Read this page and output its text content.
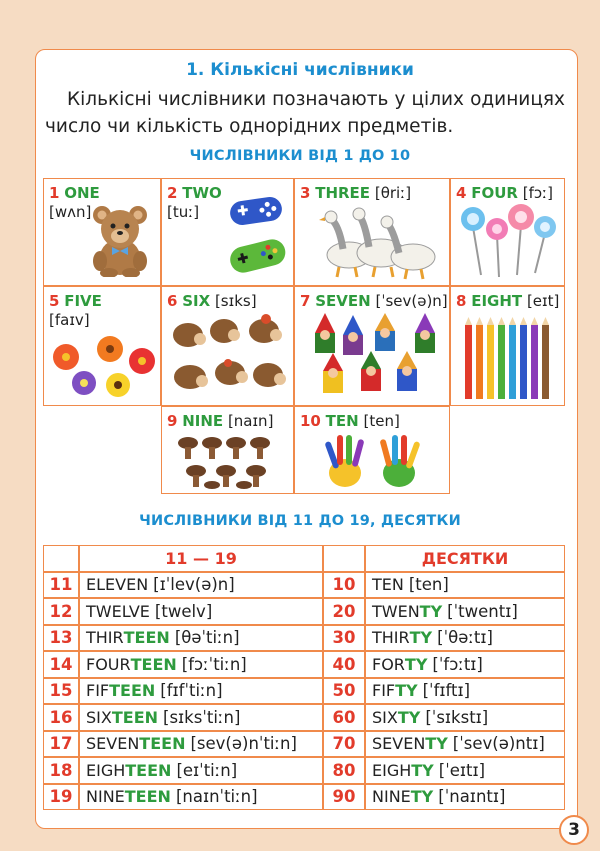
1. Кількісні числівники
Кількісні числівники позначають у цілих одиницях число чи кількість однорідних предметів.
ЧИСЛІВНИКИ ВІД 1 ДО 10
1 ONE
[wʌn]
2 TWO
[tuː]
3 THREE [θriː]	4 FOUR [fɔː]
5 FIVE
[faɪv]
6 SIX [sɪks]	7 SEVEN [ˈsev(ə)n] 8 EIGHT [eɪt]
9 NINE [naɪn] 10 TEN [ten]
ЧИСЛІВНИКИ ВІД 11 ДО 19, ДЕСЯТКИ
11 — 19	ДЕСЯТКИ
11 ELEVEN [ɪˈlev(ə)n]	10	TEN [ten]
12 TWELVE [twelv]	20	TWEN TY [ˈtwentɪ]
13 THIR TEEN [θəˈtiːn]	30	THIR TY [ˈθəːtɪ]
14 FOUR TEEN [fɔːˈtiːn]	40	FOR TY [ˈfɔːtɪ]
15 FIF TEEN [fɪfˈtiːn]	50	FIF TY [ˈfɪftɪ]
16 SIX TEEN [sɪksˈtiːn]	60	SIX TY [ˈsɪkstɪ]
17 SEVEN TEEN [sev(ə)nˈtiːn]	70	SEVEN TY [ˈsev(ə)ntɪ]
18 EIGH TEEN [eɪˈtiːn]	80	EIGH TY [ˈeɪtɪ]
19 NINE TEEN [naɪnˈtiːn]	90	NINE TY [ˈnaɪntɪ]
3
